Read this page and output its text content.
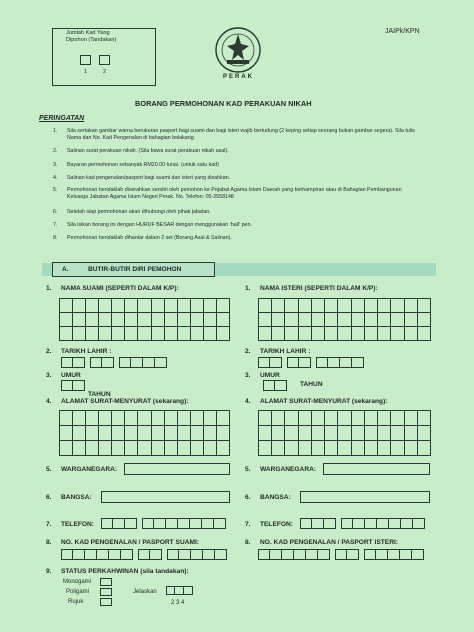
Jumlah Kad Yang
Dipohon (Tandakan)
1	2
PERAK
JAIPk/KPN
BORANG PERMOHONAN KAD PERAKUAN NIKAH
PERINGATAN
1. Sila sertakan gambar warna berukuran pasport bagi suami dan bagi isteri wajib bertudung (2 keping setiap seorang bukan gambar segera). Sila tulis Nama dan No. Kad Pengenalan di bahagian belakang.
2. Salinan surat perakuan nikah. (Sila bawa surat perakuan nikah asal).
3. Bayaran permohonan sebanyak RM20.00 tunai. (untuk satu kad)
4. Salinan kad pengenalan/pasport bagi suami dan isteri yang disahkan.
5. Permohonan hendaklah diserahkan sendiri oleh pemohon ke Pejabat Agama Islam Daerah yang berhampiran atau di Bahagian Pembangunan Keluarga Jabatan Agama Islam Negeri Perak. No. Telefon: 05-2558148
6. Setelah siap permohonan akan dihubungi oleh pihak jabatan.
7. Sila isikan borang ini dengan HURUF BESAR dengan menggunakan 'ball' pen.
8. Permohonan hendaklah dihantar dalam 2 set (Borang Asal & Salinan).
A.	BUTIR-BUTIR DIRI PEMOHON
1. NAMA SUAMI (SEPERTI DALAM K/P):	1. NAMA ISTERI (SEPERTI DALAM K/P):
2. TARIKH LAHIR :	2. TARIKH LAHIR :
3. UMUR
TAHUN
3. UMUR
TAHUN
4. ALAMAT SURAT-MENYURAT (sekarang):	4. ALAMAT SURAT-MENYURAT (sekarang):
5. WARGANEGARA:	5. WARGANEGARA:
6. BANGSA:	6. BANGSA:
7. TELEFON:	7. TELEFON:
8. NO. KAD PENGENALAN / PASPORT SUAMI:	8. NO. KAD PENGENALAN / PASPORT ISTERI:
9. STATUS PERKAHWINAN (sila tandakan):
Monogami
Poligami
Rujuk
Jelaskan
2 3 4
